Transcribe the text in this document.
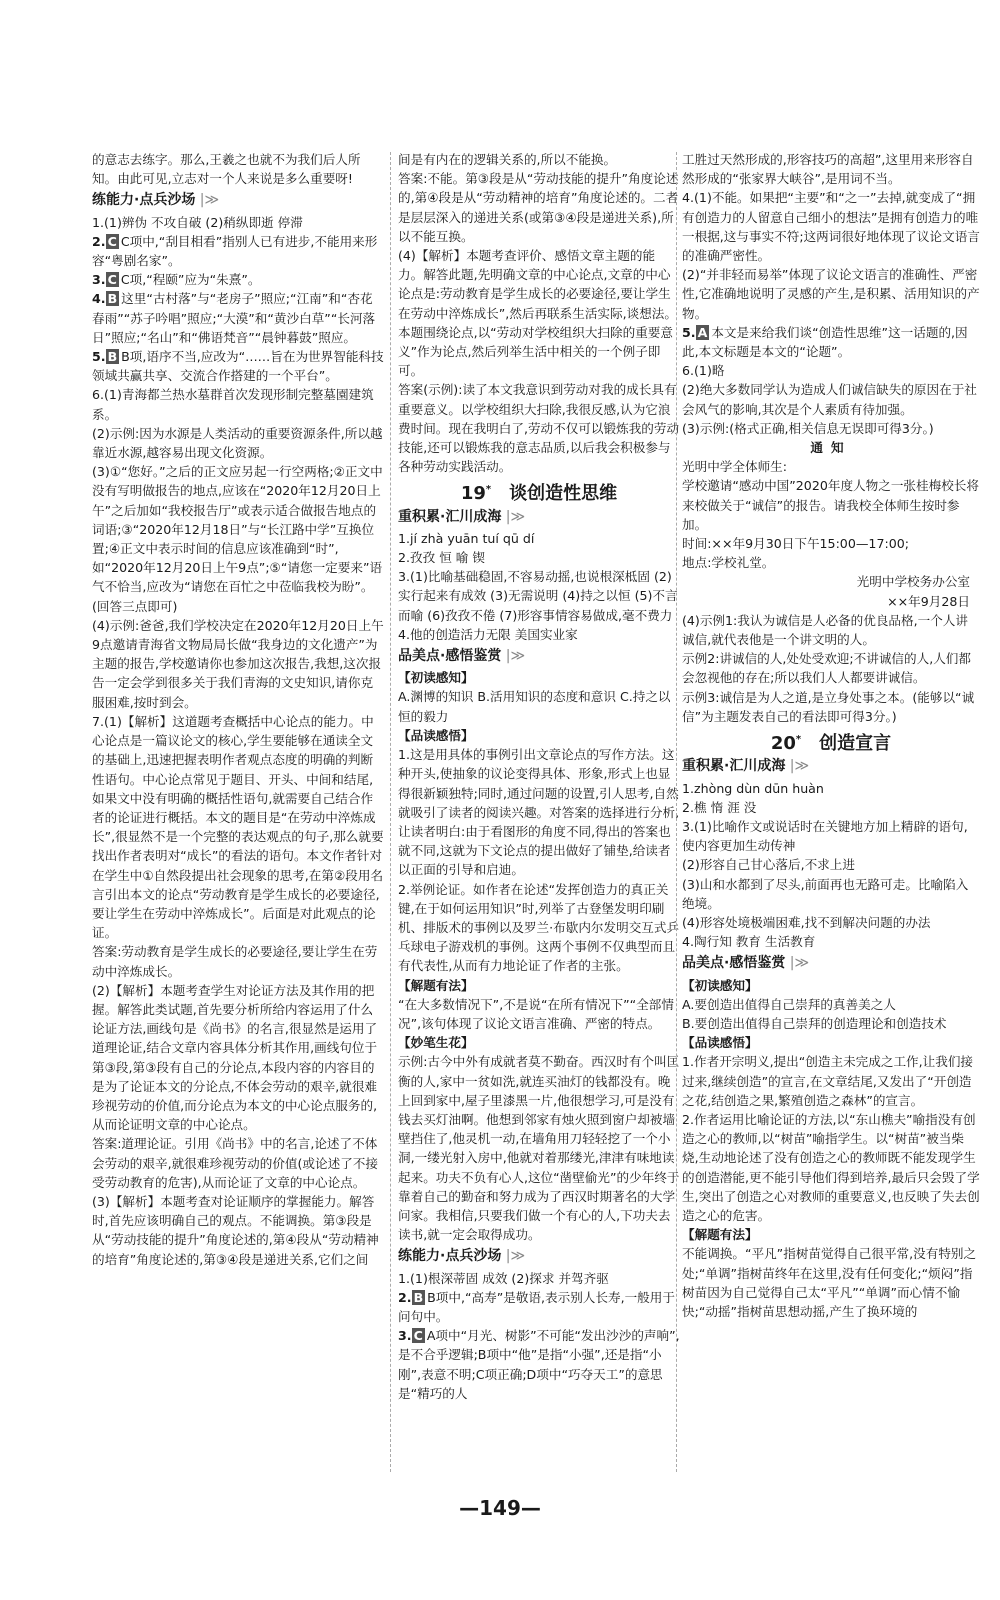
的意志去练字。那么,王羲之也就不为我们后人所知。由此可见,立志对一个人来说是多么重要呀!

练能力·点兵沙场 |≫

1.(1)辨伪 不攻自破 (2)稍纵即逝 停滞

2. C C项中,“刮目相看”指别人已有进步,不能用来形容“粤剧名家”。

3. C C项,“程颐”应为“朱熹”。

4. B 这里“古村落”与“老房子”照应;“江南”和“杏花春雨”“苏子吟唱”照应;“大漠”和“黄沙白草”“长河落日”照应;“名山”和“佛语梵音”“晨钟暮鼓”照应。

5. B B项,语序不当,应改为“……旨在为世界智能科技领域共赢共享、交流合作搭建的一个平台”。

6.(1)青海都兰热水墓群首次发现形制完整墓園建筑系。

(2)示例:因为水源是人类活动的重要资源条件,所以越靠近水源,越容易出现文化资源。

(3)①“您好。”之后的正文应另起一行空两格;②正文中没有写明做报告的地点,应该在“2020年12月20日上午”之后加如“我校报告厅”或表示适合做报告地点的词语;③“2020年12月18日”与“长江路中学”互换位置;④正文中表示时间的信息应该准确到“时”,如“2020年12月20日上午9点”;⑤“请您一定要来”语气不恰当,应改为“请您在百忙之中莅临我校为盼”。(回答三点即可)

(4)示例:爸爸,我们学校决定在2020年12月20日上午9点邀请青海省文物局局长做“我身边的文化遗产”为主题的报告,学校邀请你也参加这次报告,我想,这次报告一定会学到很多关于我们青海的文史知识,请你克服困难,按时到会。

7.(1)【解析】这道题考查概括中心论点的能力。中心论点是一篇议论文的核心,学生要能够在通读全文的基础上,迅速把握表明作者观点态度的明确的判断性语句。中心论点常见于题目、开头、中间和结尾,如果文中没有明确的概括性语句,就需要自己结合作者的论证进行概括。本文的题目是“在劳动中淬炼成长”,很显然不是一个完整的表达观点的句子,那么就要找出作者表明对“成长”的看法的语句。本文作者针对在学生中①自然段提出社会现象的思考,在第②段用名言引出本文的论点“劳动教育是学生成长的必要途径,要让学生在劳动中淬炼成长”。后面是对此观点的论证。

答案:劳动教育是学生成长的必要途径,要让学生在劳动中淬炼成长。

(2)【解析】本题考查学生对论证方法及其作用的把握。解答此类试题,首先要分析所给内容运用了什么论证方法,画线句是《尚书》的名言,很显然是运用了道理论证,结合文章内容具体分析其作用,画线句位于第③段,第③段有自己的分论点,本段内容的内容目的是为了论证本文的分论点,不体会劳动的艰辛,就很难珍视劳动的价值,而分论点为本文的中心论点服务的,从而论证明文章的中心论点。

答案:道理论证。引用《尚书》中的名言,论述了不体会劳动的艰辛,就很难珍视劳动的价值(或论述了不接受劳动教育的危害),从而论证了文章的中心论点。

(3)【解析】本题考查对论证顺序的掌握能力。解答时,首先应该明确自己的观点。不能调换。第③段是从“劳动技能的提升”角度论述的,第④段从“劳动精神的培育”角度论述的,第③④段是递进关系,它们之间

间是有内在的逻辑关系的,所以不能换。

答案:不能。第③段是从“劳动技能的提升”角度论述的,第④段是从“劳动精神的培育”角度论述的。二者是层层深入的递进关系(或第③④段是递进关系),所以不能互换。

(4)【解析】本题考查评价、感悟文章主题的能力。解答此题,先明确文章的中心论点,文章的中心论点是:劳动教育是学生成长的必要途径,要让学生在劳动中淬炼成长”,然后再联系生活实际,谈想法。本题围绕论点,以“劳动对学校组织大扫除的重要意义”作为论点,然后列举生活中相关的一个例子即可。

答案(示例):读了本文我意识到劳动对我的成长具有重要意义。以学校组织大扫除,我很反感,认为它浪费时间。现在我明白了,劳动不仅可以锻炼我的劳动技能,还可以锻炼我的意志品质,以后我会积极参与各种劳动实践活动。

19*　 谈创造性思维
重积累·汇川成海 |≫

1.jí zhà yuān tuí qū dí

2.孜孜 恒 喻 锲

3.(1)比喻基础稳固,不容易动摇,也说根深柢固 (2)实行起来有成效 (3)无需说明 (4)持之以恒 (5)不言而喻 (6)孜孜不倦 (7)形容事情容易做成,毫不费力

4.他的创造活力无限 美国实业家

品美点·感悟鉴赏 |≫
【初读感知】

A.渊博的知识 B.活用知识的态度和意识 C.持之以恒的毅力

【品读感悟】

1.这是用具体的事例引出文章论点的写作方法。这种开头,使抽象的议论变得具体、形象,形式上也显得很新颖独特;同时,通过问题的设置,引人思考,自然就吸引了读者的阅读兴趣。对答案的选择进行分析,让读者明白:由于看图形的角度不同,得出的答案也就不同,这就为下文论点的提出做好了铺垫,给读者以正面的引导和启迪。

2.举例论证。如作者在论述“发挥创造力的真正关键,在于如何运用知识”时,列举了古登堡发明印刷机、排版术的事例以及罗兰·布歇内尔发明交互式乒乓球电子游戏机的事例。这两个事例不仅典型而且有代表性,从而有力地论证了作者的主张。

【解题有法】

“在大多数情况下”,不是说“在所有情况下”“全部情况”,该句体现了议论文语言准确、严密的特点。

【妙笔生花】

示例:古今中外有成就者莫不勤奋。西汉时有个叫匡衡的人,家中一贫如洗,就连买油灯的钱都没有。晚上回到家中,屋子里漆黑一片,他很想学习,可是没有钱去买灯油啊。他想到邻家有烛火照到窗户却被墙壁挡住了,他灵机一动,在墙角用刀轻轻挖了一个小洞,一缕光射入房中,他就对着那缕光,津津有味地读起来。功夫不负有心人,这位“凿壁偷光”的少年终于靠着自己的勤奋和努力成为了西汉时期著名的大学问家。我相信,只要我们做一个有心的人,下功夫去读书,就一定会取得成功。

练能力·点兵沙场 |≫

1.(1)根深蒂固 成效 (2)探求 并驾齐驱

2. B B项中,“高寿”是敬语,表示别人长寿,一般用于问句中。

3. C A项中“月光、树影”不可能“发出沙沙的声响”,是不合乎逻辑;B项中“他”是指“小强”,还是指“小刚”,表意不明;C项正确;D项中“巧夺天工”的意思是“精巧的人

工胜过天然形成的,形容技巧的高超”,这里用来形容自然形成的“张家界大峡谷”,是用词不当。

4.(1)不能。如果把“主要”和“之一”去掉,就变成了“拥有创造力的人留意自己细小的想法”是拥有创造力的唯一根据,这与事实不符;这两词很好地体现了议论文语言的准确严密性。

(2)“并非轻而易举”体现了议论文语言的准确性、严密性,它准确地说明了灵感的产生,是积累、活用知识的产物。

5. A 本文是来给我们谈“创造性思维”这一话题的,因此,本文标题是本文的“论题”。

6.(1)略

(2)绝大多数同学认为造成人们诚信缺失的原因在于社会风气的影响,其次是个人素质有待加强。

(3)示例:(格式正确,相关信息无误即可得3分。)

通知

光明中学全体师生:

学校邀请“感动中国”2020年度人物之一张桂梅校长将来校做关于“诚信”的报告。请我校全体师生按时参加。

时间:××年9月30日下午15:00—17:00;

地点:学校礼堂。

光明中学校务办公室

××年9月28日

(4)示例1:我认为诚信是人必备的优良品格,一个人讲诚信,就代表他是一个讲文明的人。

示例2:讲诚信的人,处处受欢迎;不讲诚信的人,人们都会忽视他的存在;所以我们人人都要讲诚信。

示例3:诚信是为人之道,是立身处事之本。(能够以“诚信”为主题发表自己的看法即可得3分。)

20*　 创造宣言
重积累·汇川成海 |≫

1.zhòng dùn dūn huàn

2.樵 惰 涯 没

3.(1)比喻作文或说话时在关键地方加上精辟的语句,使内容更加生动传神

(2)形容自己甘心落后,不求上进

(3)山和水都到了尽头,前面再也无路可走。比喻陷入绝境。

(4)形容处境极端困难,找不到解决问题的办法

4.陶行知 教育 生活教育

品美点·感悟鉴赏 |≫
【初读感知】

A.要创造出值得自己崇拜的真善美之人

B.要创造出值得自己崇拜的创造理论和创造技术

【品读感悟】

1.作者开宗明义,提出“创造主未完成之工作,让我们接过来,继续创造”的宣言,在文章结尾,又发出了“开创造之花,结创造之果,繁殖创造之森林”的宣言。

2.作者运用比喻论证的方法,以“东山樵夫”喻指没有创造之心的教师,以“树苗”喻指学生。以“树苗”被当柴烧,生动地论述了没有创造之心的教师既不能发现学生的创造潜能,更不能引导他们得到培养,最后只会毁了学生,突出了创造之心对教师的重要意义,也反映了失去创造之心的危害。

【解题有法】

不能调换。“平凡”指树苗觉得自己很平常,没有特别之处;“单调”指树苗终年在这里,没有任何变化;“烦闷”指树苗因为自己觉得自己太“平凡”“单调”而心情不愉快;“动摇”指树苗思想动摇,产生了换环境的

—149—
